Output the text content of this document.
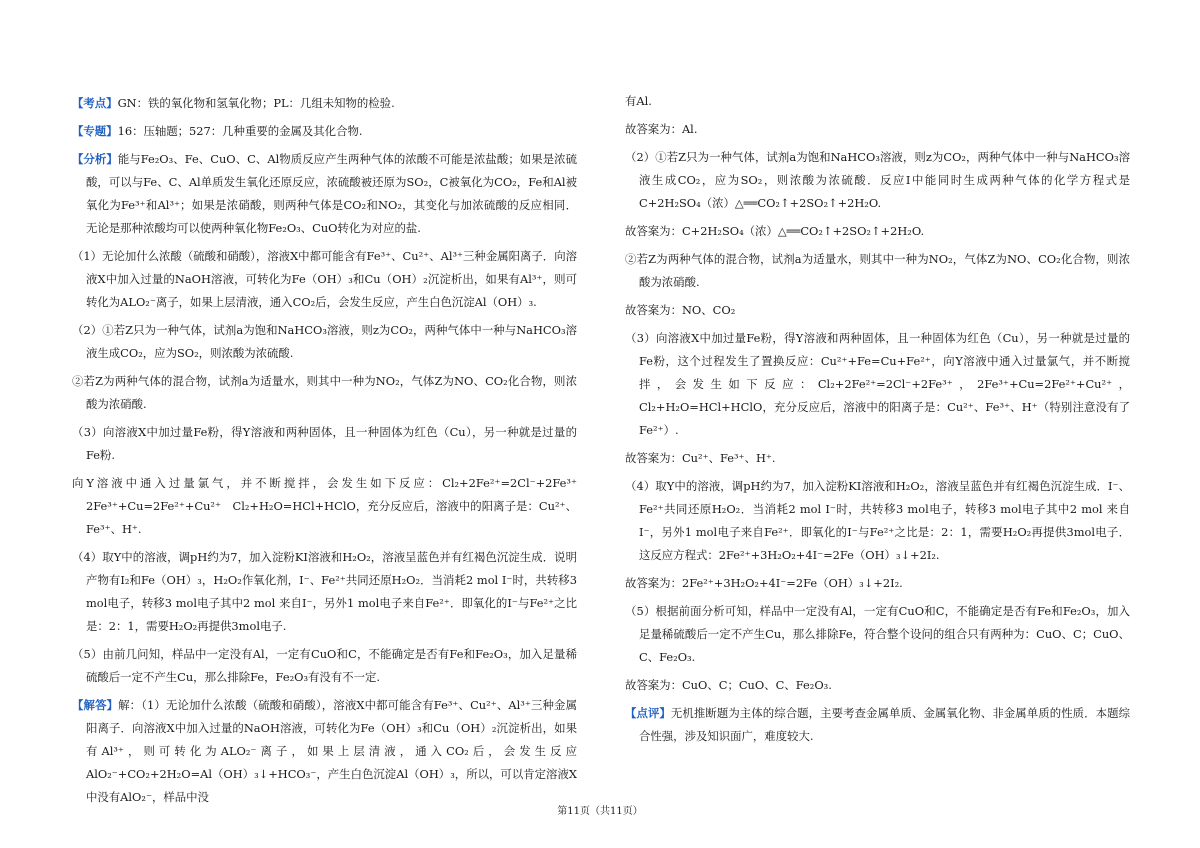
【考点】GN：铁的氧化物和氢氧化物；PL：几组未知物的检验.

【专题】16：压轴题；527：几种重要的金属及其化合物.

【分析】能与Fe₂O₃、Fe、CuO、C、Al物质反应产生两种气体的浓酸不可能是浓盐酸；如果是浓硫酸，可以与Fe、C、Al单质发生氧化还原反应，浓硫酸被还原为SO₂，C被氧化为CO₂，Fe和Al被氧化为Fe³⁺和Al³⁺；如果是浓硝酸，则两种气体是CO₂和NO₂，其变化与加浓硫酸的反应相同．无论是那种浓酸均可以使两种氧化物Fe₂O₃、CuO转化为对应的盐.

（1）无论加什么浓酸（硫酸和硝酸），溶液X中都可能含有Fe³⁺、Cu²⁺、Al³⁺三种金属阳离子．向溶液X中加入过量的NaOH溶液，可转化为Fe（OH）₃和Cu（OH）₂沉淀析出，如果有Al³⁺，则可转化为ALO₂⁻离子，如果上层清液，通入CO₂后，会发生反应，产生白色沉淀Al（OH）₃.

（2）①若Z只为一种气体，试剂a为饱和NaHCO₃溶液，则z为CO₂，两种气体中一种与NaHCO₃溶液生成CO₂，应为SO₂，则浓酸为浓硫酸.

②若Z为两种气体的混合物，试剂a为适量水，则其中一种为NO₂，气体Z为NO、CO₂化合物，则浓酸为浓硝酸.

（3）向溶液X中加过量Fe粉，得Y溶液和两种固体，且一种固体为红色（Cu），另一种就是过量的Fe粉.

向Y溶液中通入过量氯气，并不断搅拌，会发生如下反应：Cl₂+2Fe²⁺=2Cl⁻+2Fe³⁺　2Fe³⁺+Cu=2Fe²⁺+Cu²⁺　Cl₂+H₂O=HCl+HClO，充分反应后，溶液中的阳离子是：Cu²⁺、Fe³⁺、H⁺.

（4）取Y中的溶液，调pH约为7，加入淀粉KI溶液和H₂O₂，溶液呈蓝色并有红褐色沉淀生成．说明产物有I₂和Fe（OH）₃，H₂O₂作氧化剂，I⁻、Fe²⁺共同还原H₂O₂．当消耗2 mol I⁻时，共转移3 mol电子，转移3 mol电子其中2 mol 来自I⁻，另外1 mol电子来自Fe²⁺．即氧化的I⁻与Fe²⁺之比是：2：1，需要H₂O₂再提供3mol电子.

（5）由前几问知，样品中一定没有Al，一定有CuO和C，不能确定是否有Fe和Fe₂O₃，加入足量稀硫酸后一定不产生Cu，那么排除Fe，Fe₂O₃有没有不一定.

【解答】解：（1）无论加什么浓酸（硫酸和硝酸），溶液X中都可能含有Fe³⁺、Cu²⁺、Al³⁺三种金属阳离子．向溶液X中加入过量的NaOH溶液，可转化为Fe（OH）₃和Cu（OH）₂沉淀析出，如果有Al³⁺，则可转化为ALO₂⁻离子，如果上层清液，通入CO₂后，会发生反应AlO₂⁻+CO₂+2H₂O=Al（OH）₃↓+HCO₃⁻，产生白色沉淀Al（OH）₃，所以，可以肯定溶液X中没有AlO₂⁻，样品中没

有Al.

故答案为：Al.

（2）①若Z只为一种气体，试剂a为饱和NaHCO₃溶液，则z为CO₂，两种气体中一种与NaHCO₃溶液生成CO₂，应为SO₂，则浓酸为浓硫酸．反应Ⅰ中能同时生成两种气体的化学方程式是C+2H₂SO₄（浓）△══CO₂↑+2SO₂↑+2H₂O.

故答案为：C+2H₂SO₄（浓）△══CO₂↑+2SO₂↑+2H₂O.

②若Z为两种气体的混合物，试剂a为适量水，则其中一种为NO₂，气体Z为NO、CO₂化合物，则浓酸为浓硝酸.

故答案为：NO、CO₂

（3）向溶液X中加过量Fe粉，得Y溶液和两种固体，且一种固体为红色（Cu），另一种就是过量的Fe粉，这个过程发生了置换反应：Cu²⁺+Fe=Cu+Fe²⁺，向Y溶液中通入过量氯气，并不断搅拌，会发生如下反应：Cl₂+2Fe²⁺=2Cl⁻+2Fe³⁺，2Fe³⁺+Cu=2Fe²⁺+Cu²⁺，Cl₂+H₂O=HCl+HClO，充分反应后，溶液中的阳离子是：Cu²⁺、Fe³⁺、H⁺（特别注意没有了Fe²⁺）.

故答案为：Cu²⁺、Fe³⁺、H⁺.

（4）取Y中的溶液，调pH约为7，加入淀粉KI溶液和H₂O₂，溶液呈蓝色并有红褐色沉淀生成．I⁻、Fe²⁺共同还原H₂O₂．当消耗2 mol I⁻时，共转移3 mol电子，转移3 mol电子其中2 mol 来自I⁻，另外1 mol电子来自Fe²⁺．即氧化的I⁻与Fe²⁺之比是：2：1，需要H₂O₂再提供3mol电子．这反应方程式：2Fe²⁺+3H₂O₂+4I⁻=2Fe（OH）₃↓+2I₂.

故答案为：2Fe²⁺+3H₂O₂+4I⁻=2Fe（OH）₃↓+2I₂.

（5）根据前面分析可知，样品中一定没有Al，一定有CuO和C，不能确定是否有Fe和Fe₂O₃，加入足量稀硫酸后一定不产生Cu，那么排除Fe，符合整个设问的组合只有两种为：CuO、C；CuO、C、Fe₂O₃.

故答案为：CuO、C；CuO、C、Fe₂O₃.

【点评】无机推断题为主体的综合题，主要考查金属单质、金属氧化物、非金属单质的性质．本题综合性强，涉及知识面广，难度较大.

第11页（共11页）
